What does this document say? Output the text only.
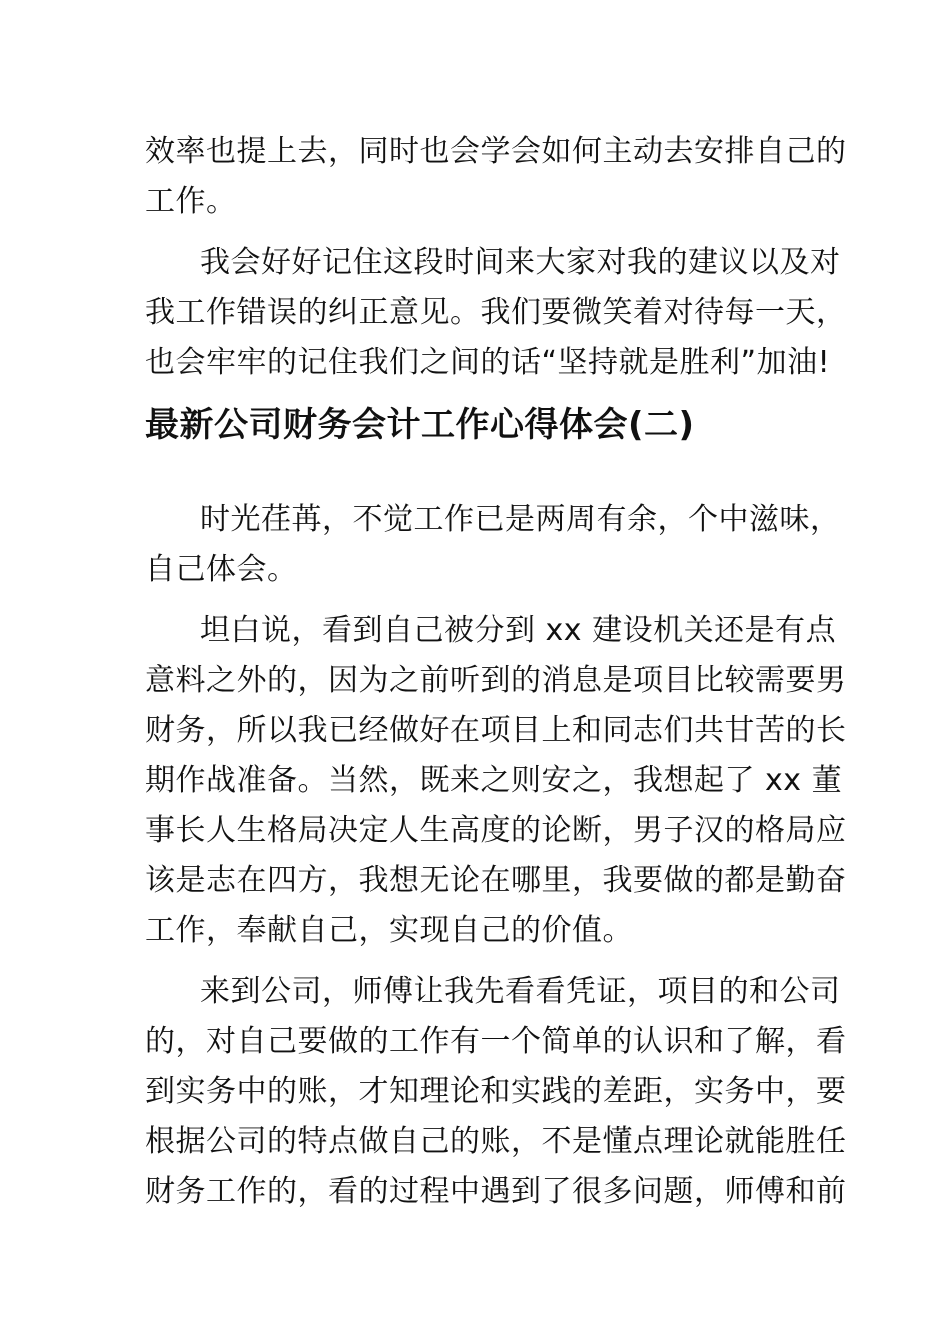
效率也提上去，同时也会学会如何主动去安排自己的
工作。
我会好好记住这段时间来大家对我的建议以及对
我工作错误的纠正意见。我们要微笑着对待每一天，
也会牢牢的记住我们之间的话“坚持就是胜利”加油!
最新公司财务会计工作心得体会(二)
时光荏苒，不觉工作已是两周有余，个中滋味，
自己体会。
坦白说，看到自己被分到 xx 建设机关还是有点
意料之外的，因为之前听到的消息是项目比较需要男
财务，所以我已经做好在项目上和同志们共甘苦的长
期作战准备。当然，既来之则安之，我想起了 xx 董
事长人生格局决定人生高度的论断，男子汉的格局应
该是志在四方，我想无论在哪里，我要做的都是勤奋
工作，奉献自己，实现自己的价值。
来到公司，师傅让我先看看凭证，项目的和公司
的，对自己要做的工作有一个简单的认识和了解，看
到实务中的账，才知理论和实践的差距，实务中，要
根据公司的特点做自己的账，不是懂点理论就能胜任
财务工作的，看的过程中遇到了很多问题，师傅和前
